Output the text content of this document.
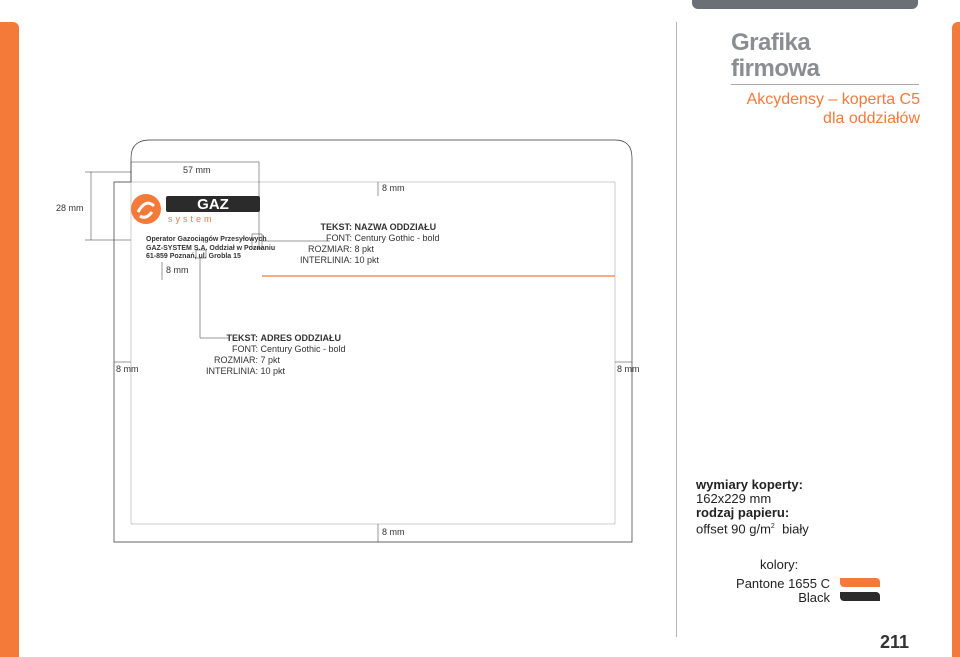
Grafika
firmowa
Akcydensy – koperta C5
dla oddziałów
GAZ
system
57 mm
28 mm
8 mm
8 mm
8 mm	8 mm
8 mm
Operator Gazociągów Przesyłowych
GAZ-SYSTEM S.A. Oddział w Poznaniu
61-859 Poznań, ul. Grobla 15
TEKST: NAZWA ODDZIAŁU
FONT: Century Gothic - bold
ROZMIAR: 8 pkt
INTERLINIA: 10 pkt
TEKST: ADRES ODDZIAŁU
FONT: Century Gothic - bold
ROZMIAR: 7 pkt
INTERLINIA: 10 pkt
wymiary koperty:
162x229 mm
rodzaj papieru:
offset 90 $g/m^2$ biały
kolory:
Pantone 1655 C
Black
211
